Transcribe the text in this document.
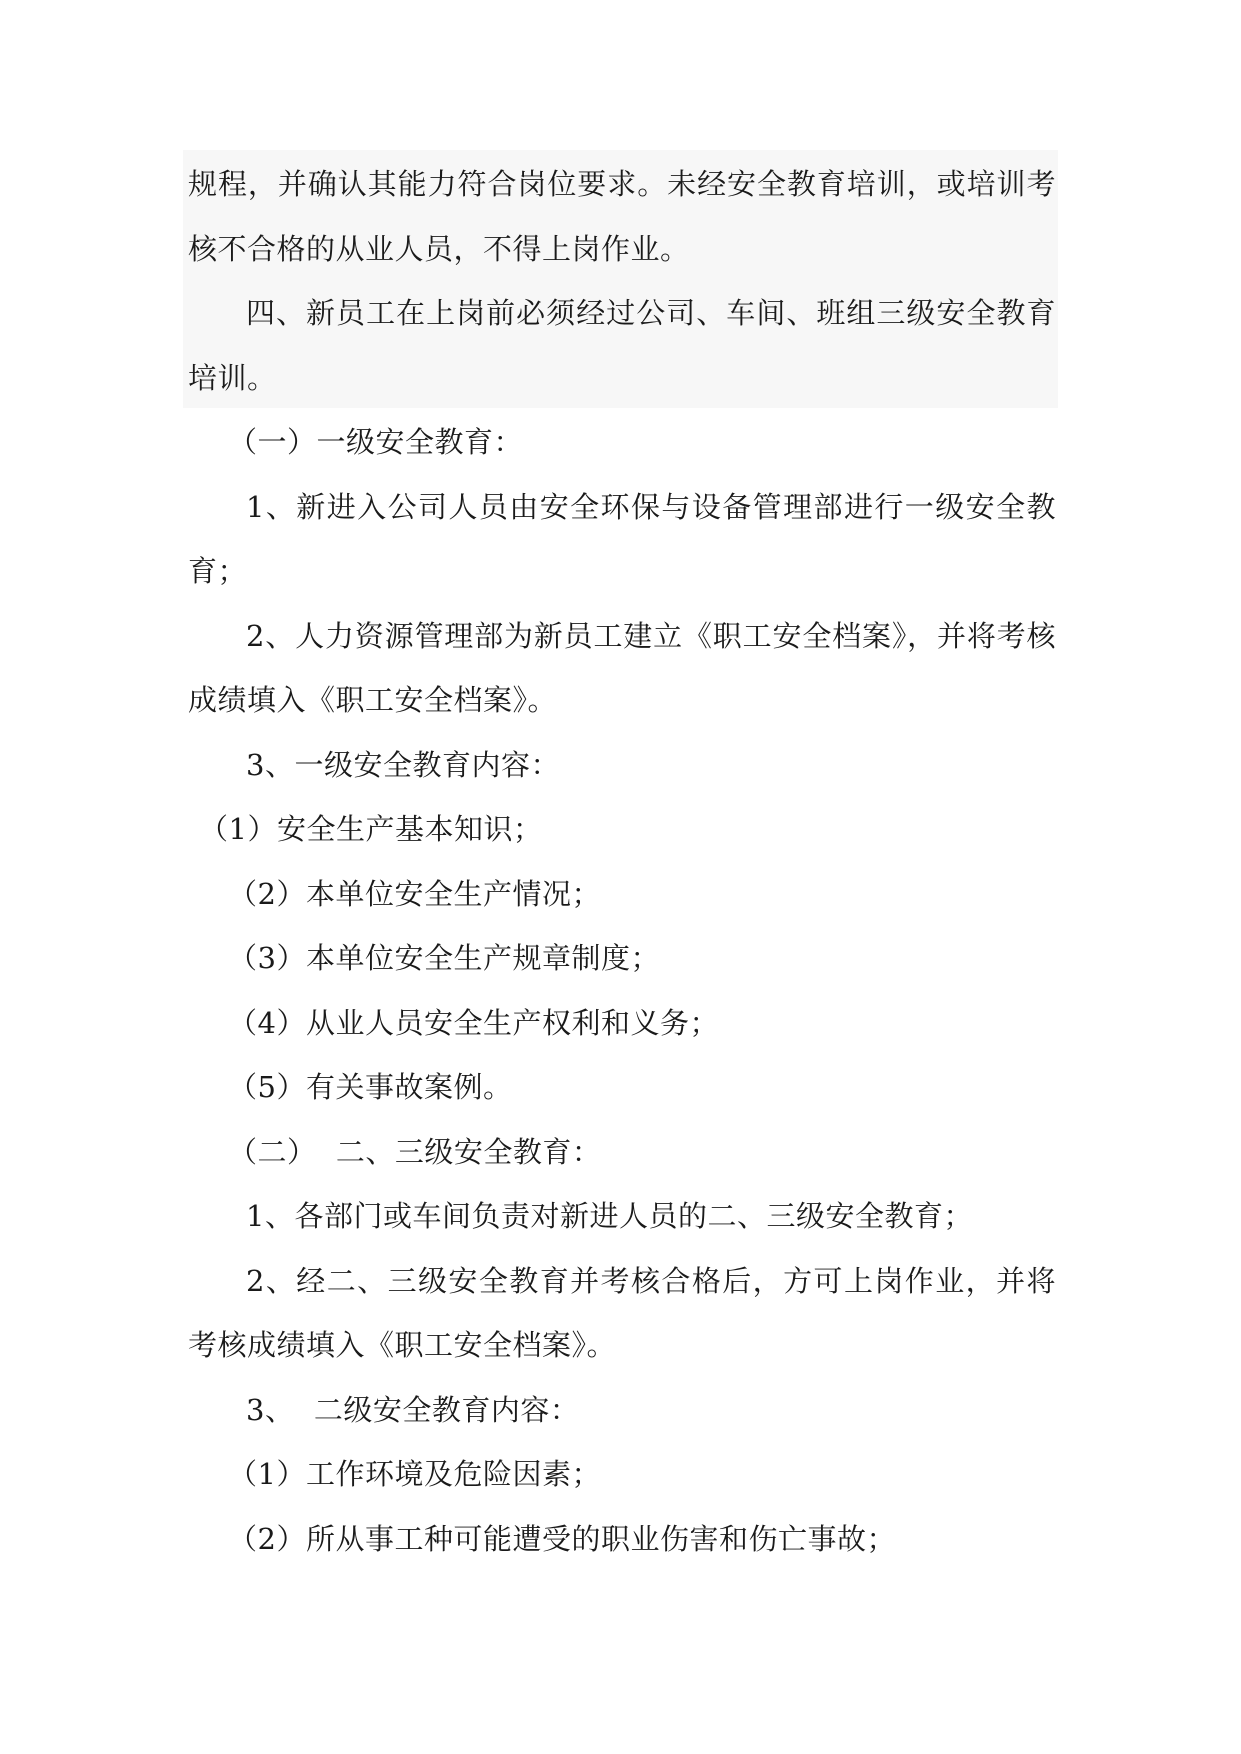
规程，并确认其能力符合岗位要求。未经安全教育培训，或培训考核不合格的从业人员，不得上岗作业。

四、新员工在上岗前必须经过公司、车间、班组三级安全教育培训。

（一）一级安全教育：

1、新进入公司人员由安全环保与设备管理部进行一级安全教育；

2、人力资源管理部为新员工建立《职工安全档案》，并将考核成绩填入《职工安全档案》。

3、一级安全教育内容：

（1）安全生产基本知识；

（2）本单位安全生产情况；

（3）本单位安全生产规章制度；

（4）从业人员安全生产权利和义务；

（5）有关事故案例。

（二）  二、三级安全教育：

1、各部门或车间负责对新进人员的二、三级安全教育；

2、经二、三级安全教育并考核合格后，方可上岗作业，并将考核成绩填入《职工安全档案》。

3、  二级安全教育内容：

（1）工作环境及危险因素；

（2）所从事工种可能遭受的职业伤害和伤亡事故；
